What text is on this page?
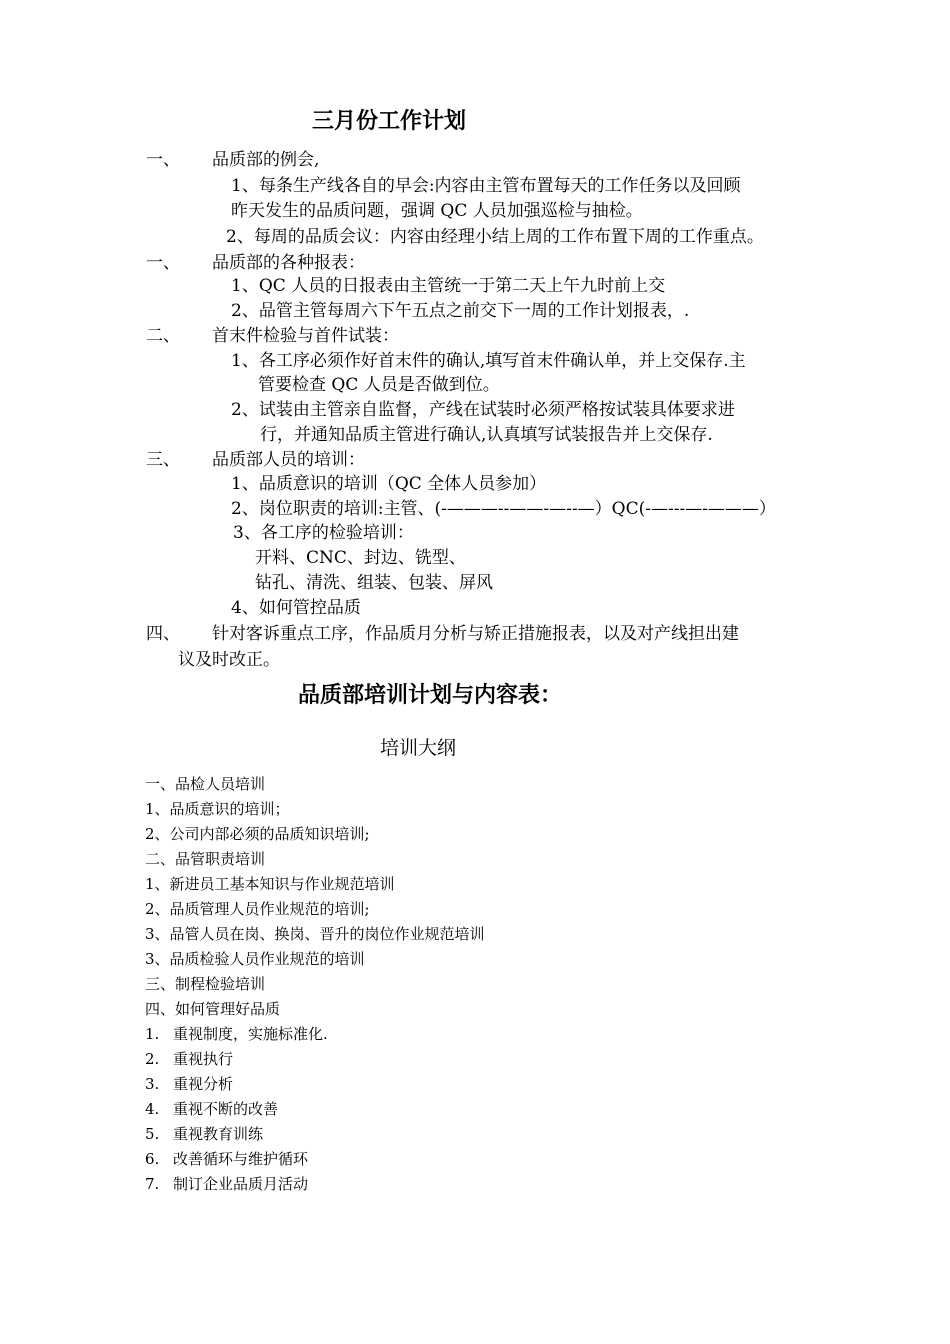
三月份工作计划
一、 品质部的例会,
1、每条生产线各自的早会:内容由主管布置每天的工作任务以及回顾
昨天发生的品质问题，强调 QC 人员加强巡检与抽检。
2、每周的品质会议：内容由经理小结上周的工作布置下周的工作重点。
一、 品质部的各种报表：
1、QC 人员的日报表由主管统一于第二天上午九时前上交
2、品管主管每周六下午五点之前交下一周的工作计划报表，.
二、 首末件检验与首件试装：
1、各工序必须作好首末件的确认,填写首末件确认单，并上交保存.主
管要检查 QC 人员是否做到位。
2、试装由主管亲自监督，产线在试装时必须严格按试装具体要求进
行，并通知品质主管进行确认,认真填写试装报告并上交保存.
三、 品质部人员的培训：
1、品质意识的培训（QC 全体人员参加）
2、岗位职责的培训:主管、(-———--——-—--—）QC(-—---—-———）
3、各工序的检验培训：
开料、CNC、封边、铣型、
钻孔、清洗、组装、包装、屏风
4、如何管控品质
四、 针对客诉重点工序，作品质月分析与矫正措施报表，以及对产线担出建
议及时改正。
品质部培训计划与内容表：
培训大纲
一、品检人员培训
1、品质意识的培训；
2、公司内部必须的品质知识培训;
二、品管职责培训
1、新进员工基本知识与作业规范培训
2、品质管理人员作业规范的培训;
3、品管人员在岗、换岗、晋升的岗位作业规范培训
3、品质检验人员作业规范的培训
三、制程检验培训
四、如何管理好品质
1. 重视制度，实施标准化.
2. 重视执行
3. 重视分析
4. 重视不断的改善
5. 重视教育训练
6. 改善循环与维护循环
7. 制订企业品质月活动
